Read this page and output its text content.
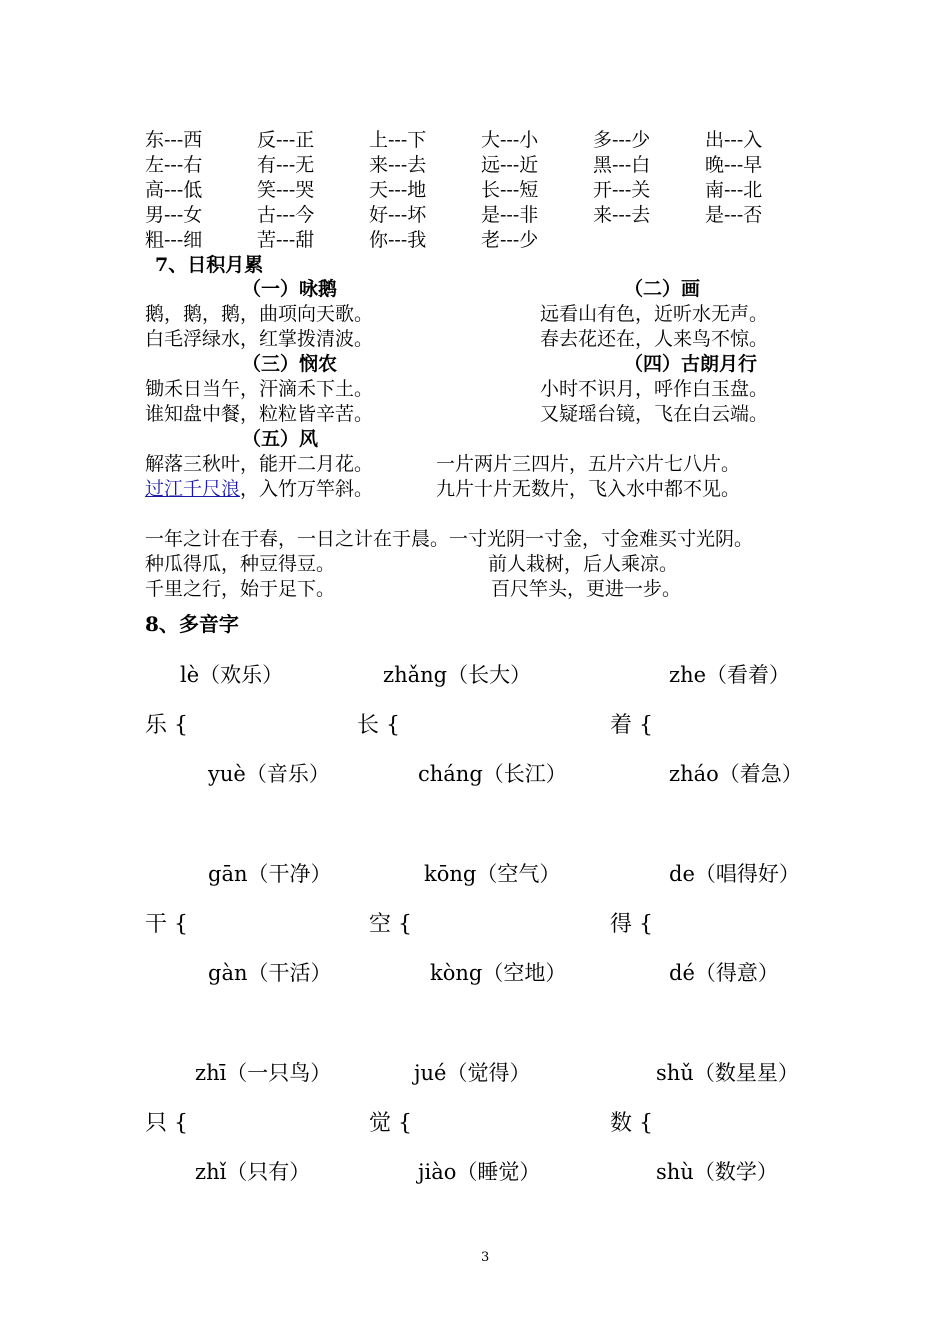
东---西	反---正	上---下	大---小	多---少	出---入
左---右	有---无	来---去	远---近	黑---白	晚---早
高---低	笑---哭	天---地	长---短	开---关	南---北
男---女	古---今	好---坏	是---非	来---去	是---否
粗---细	苦---甜	你---我	老---少
7、日积月累
（一）咏鹅	（二）画
鹅，鹅，鹅，曲项向天歌。
白毛浮绿水，红掌拨清波。
远看山有色，近听水无声。
春去花还在，人来鸟不惊。
（三）悯农	（四）古朗月行
锄禾日当午，汗滴禾下土。
谁知盘中餐，粒粒皆辛苦。
小时不识月，呼作白玉盘。
又疑瑶台镜，飞在白云端。
（五）风
解落三秋叶，能开二月花。
过江千尺浪，入竹万竿斜。
一片两片三四片，五片六片七八片。
九片十片无数片，飞入水中都不见。
一年之计在于春，一日之计在于晨。一寸光阴一寸金，寸金难买寸光阴。
种瓜得瓜，种豆得豆。	前人栽树，后人乘凉。
千里之行，始于足下。	百尺竿头，更进一步。
8、多音字
lè（欢乐）	zhǎng（长大）	zhe（看着）
乐 {	长 {	着 {
yuè（音乐）	cháng（长江）	zháo（着急）
gān（干净）	kōng（空气）	de（唱得好）
干 {	空 {	得 {
gàn（干活）	kòng（空地）	dé（得意）
zhī（一只鸟）	jué（觉得）	shǔ（数星星）
只 {	觉 {	数 {
zhǐ（只有）	jiào（睡觉）	shù（数学）
3
